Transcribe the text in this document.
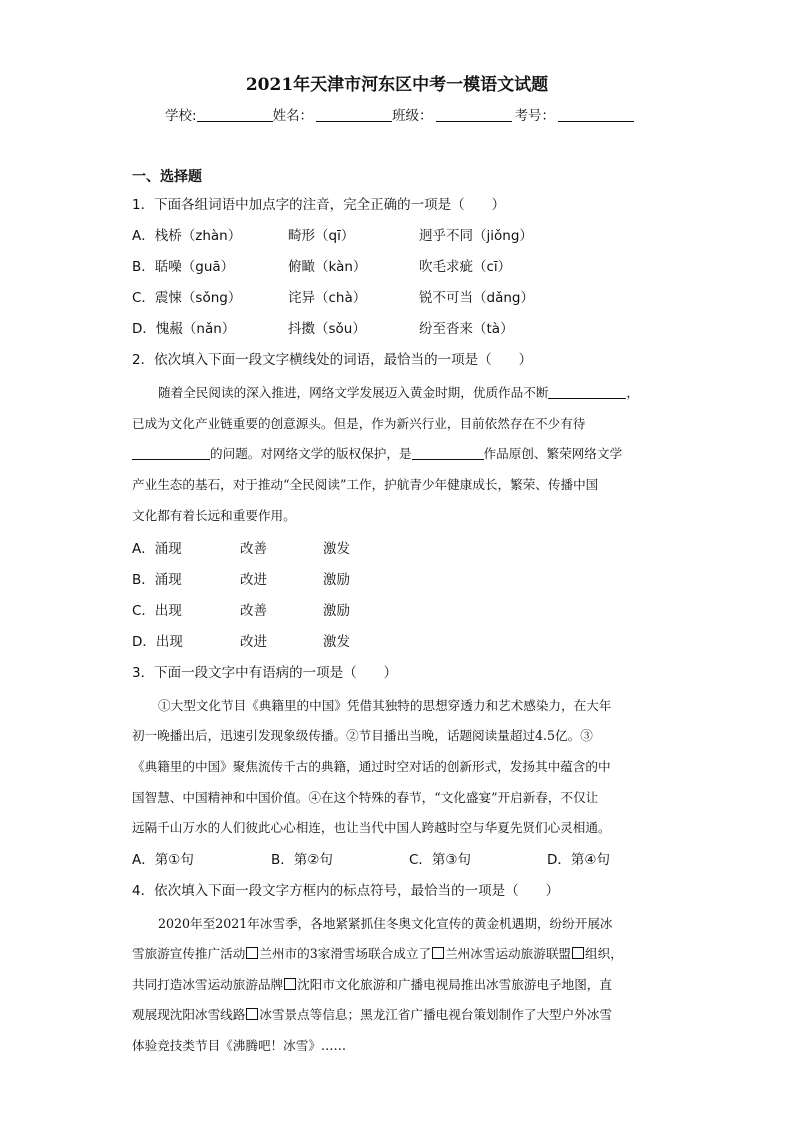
2021年天津市河东区中考一模语文试题
学校:	姓名：	班级：	考号：
一、选择题
1．下面各组词语中加点字的注音，完全正确的一项是（　　）
A．栈桥（zhàn）	畸形（qī）	迥乎不同（jiǒng）
B．聒噪（guā）	俯瞰（kàn）	吹毛求疵（cī）
C．震悚（sǒng）	诧异（chà）	锐不可当（dǎng）
D．愧赧（nǎn）	抖擞（sǒu）	纷至沓来（tà）
2．依次填入下面一段文字横线处的词语，最恰当的一项是（　　）
随着全民阅读的深入推进，网络文学发展迈入黄金时期，优质作品不断	，
已成为文化产业链重要的创意源头。但是，作为新兴行业，目前依然存在不少有待
的问题。对网络文学的版权保护，是	作品原创、繁荣网络文学
产业生态的基石，对于推动“全民阅读”工作，护航青少年健康成长，繁荣、传播中国
文化都有着长远和重要作用。
A．涌现	改善	激发
B．涌现	改进	激励
C．出现	改善	激励
D．出现	改进	激发
3．下面一段文字中有语病的一项是（　　）
①大型文化节目《典籍里的中国》凭借其独特的思想穿透力和艺术感染力，在大年
初一晚播出后，迅速引发现象级传播。②节目播出当晚，话题阅读量超过4.5亿。③
《典籍里的中国》聚焦流传千古的典籍，通过时空对话的创新形式，发扬其中蕴含的中
国智慧、中国精神和中国价值。④在这个特殊的春节，“文化盛宴”开启新春，不仅让
远隔千山万水的人们彼此心心相连，也让当代中国人跨越时空与华夏先贤们心灵相通。
A．第①句	B．第②句	C．第③句	D．第④句
4．依次填入下面一段文字方框内的标点符号，最恰当的一项是（　　）
2020年至2021年冰雪季，各地紧紧抓住冬奥文化宣传的黄金机遇期，纷纷开展冰
雪旅游宣传推广活动 兰州市的3家滑雪场联合成立了 兰州冰雪运动旅游联盟 组织，
共同打造冰雪运动旅游品牌 沈阳市文化旅游和广播电视局推出冰雪旅游电子地图，直
观展现沈阳冰雪线路 冰雪景点等信息；黑龙江省广播电视台策划制作了大型户外冰雪
体验竞技类节目《沸腾吧！冰雪》……
